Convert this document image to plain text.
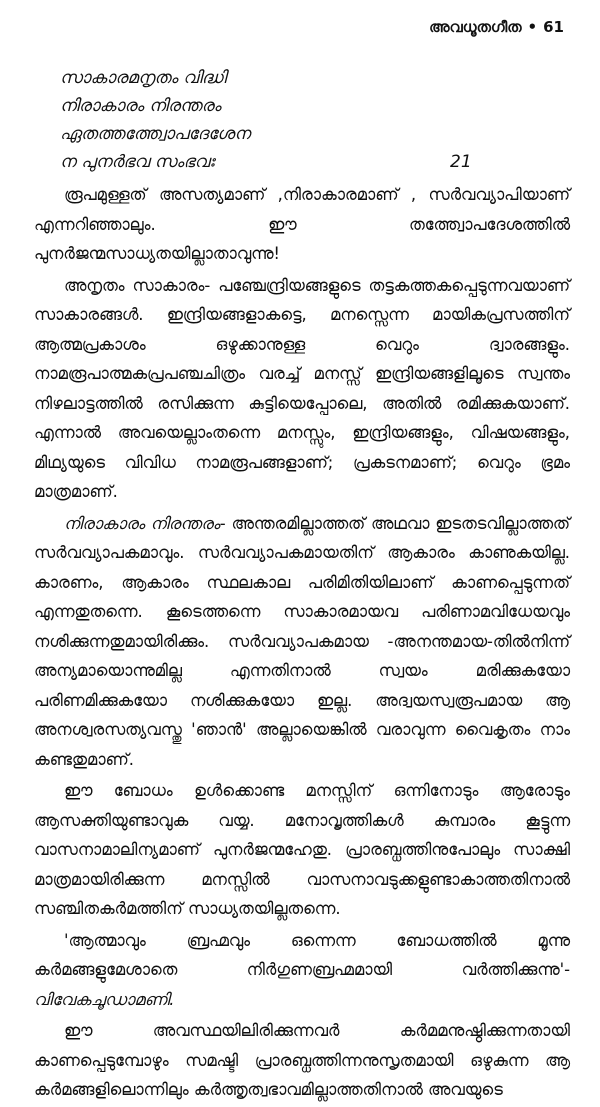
അവധൂതഗീത • 61
സാകാരമനൃതം വിദ്ധി
നിരാകാരം നിരന്തരം
ഏതത്തത്ത്വോപദേശേന
ന പുനർഭവ സംഭവഃ	21

രൂപമുള്ളത് അസത്യമാണ് ,നിരാകാരമാണ് , സർവവ്യാപിയാണ് എന്നറിഞ്ഞാലും. ഈ തത്ത്വോപദേശത്തിൽ പുനർജന്മസാധ്യതയില്ലാതാവുന്നു!

അനൃതം സാകാരം- പഞ്ചേന്ദ്രിയങ്ങളുടെ തട്ടകത്തകപ്പെടുന്നവയാണ് സാകാരങ്ങൾ. ഇന്ദ്രിയങ്ങളാകട്ടെ, മനസ്സെന്ന മായികപ്രസത്തിന് ആത്മപ്രകാശം ഒഴുക്കാനുള്ള വെറും ദ്വാരങ്ങളും. നാമരൂപാത്മകപ്രപഞ്ചചിത്രം വരച്ച് മനസ്സ് ഇന്ദ്രിയങ്ങളിലൂടെ സ്വന്തം നിഴലാട്ടത്തിൽ രസിക്കുന്ന കുട്ടിയെപ്പോലെ, അതിൽ രമിക്കുകയാണ്. എന്നാൽ അവയെല്ലാംതന്നെ മനസ്സും, ഇന്ദ്രിയങ്ങളും, വിഷയങ്ങളും, മിഥ്യയുടെ വിവിധ നാമരൂപങ്ങളാണ്; പ്രകടനമാണ്; വെറും ഭ്രമം മാത്രമാണ്.

നിരാകാരം നിരന്തരം- അന്തരമില്ലാത്തത് അഥവാ ഇടതടവില്ലാത്തത് സർവവ്യാപകമാവും. സർവവ്യാപകമായതിന് ആകാരം കാണുകയില്ല. കാരണം, ആകാരം സ്ഥലകാല പരിമിതിയിലാണ് കാണപ്പെടുന്നത് എന്നതുതന്നെ. കൂടെത്തന്നെ സാകാരമായവ പരിണാമവിധേയവും നശിക്കുന്നതുമായിരിക്കും. സർവവ്യാപകമായ -അനന്തമായ-തിൽനിന്ന് അന്യമായൊന്നുമില്ല എന്നതിനാൽ സ്വയം മരിക്കുകയോ പരിണമിക്കുകയോ നശിക്കുകയോ ഇല്ല. അദ്വയസ്വരൂപമായ ആ അനശ്വരസത്യവസ്തു 'ഞാൻ' അല്ലായെങ്കിൽ വരാവുന്ന വൈകൃതം നാം കണ്ടതുമാണ്.

ഈ ബോധം ഉൾക്കൊണ്ട മനസ്സിന് ഒന്നിനോടും ആരോടും ആസക്തിയുണ്ടാവുക വയ്യ. മനോവൃത്തികൾ കുമ്പാരം കൂട്ടുന്ന വാസനാമാലിന്യമാണ് പുനർജന്മഹേതു. പ്രാരബ്ധത്തിനുപോലും സാക്ഷി മാത്രമായിരിക്കുന്ന മനസ്സിൽ വാസനാവടുക്കളുണ്ടാകാത്തതിനാൽ സഞ്ചിതകർമത്തിന് സാധ്യതയില്ലതന്നെ.

'ആത്മാവും ബ്രഹ്മവും ഒന്നെന്ന ബോധത്തിൽ മൂന്നു കർമങ്ങളുമേശാതെ നിർഗുണബ്രഹ്മമായി വർത്തിക്കുന്നു'- വിവേകചൂഡാമണി.

ഈ അവസ്ഥയിലിരിക്കുന്നവർ കർമമനുഷ്ഠിക്കുന്നതായി കാണപ്പെടുമ്പോഴും സമഷ്ടി പ്രാരബ്ധത്തിന്നനുസൃതമായി ഒഴുകുന്ന ആ കർമങ്ങളിലൊന്നിലും കർത്തൃത്വഭാവമില്ലാത്തതിനാൽ അവയുടെ
